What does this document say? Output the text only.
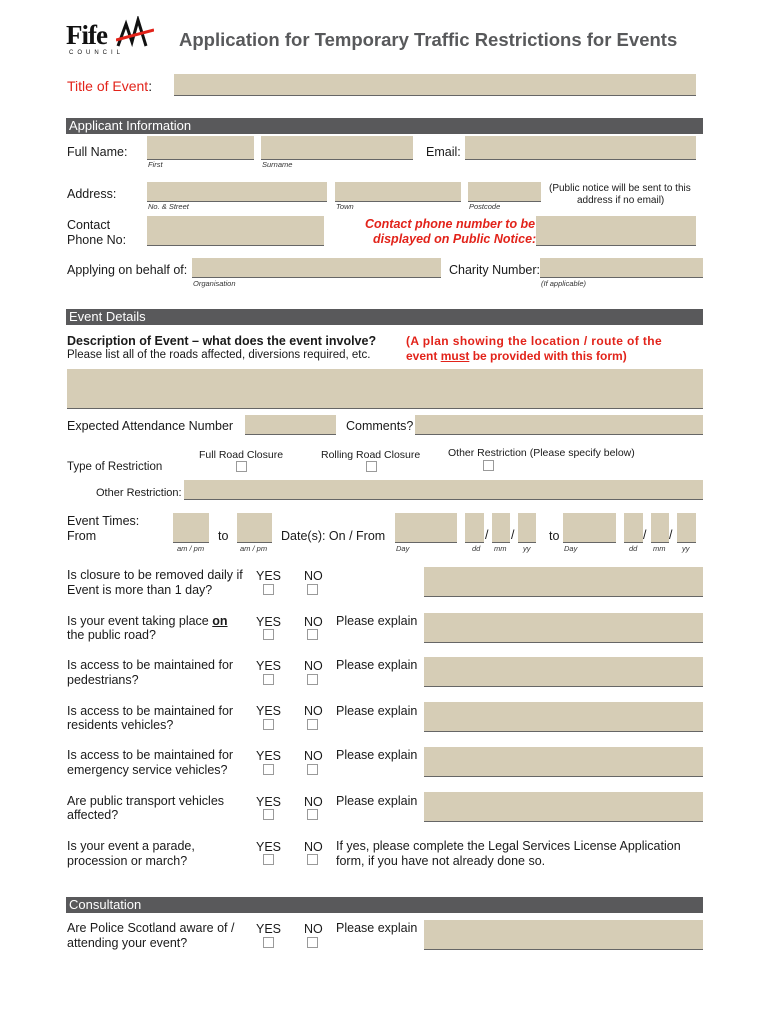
Fife
COUNCIL
Application for Temporary Traffic Restrictions for Events
Title of Event:
Applicant Information
Full Name:
First	Surname
Email:
Address:
No. & Street	Town	Postcode
(Public notice will be sent to this
address if no email)
Contact
Phone No:
Contact phone number to be
displayed on Public Notice:
Applying on behalf of:
Organisation
Charity Number:
(If applicable)
Event Details
Description of Event – what does the event involve?
Please list all of the roads affected, diversions required, etc.
(A plan showing the location / route of the
event must be provided with this form)
Expected Attendance Number	Comments?
Type of Restriction
Full Road Closure	Rolling Road Closure	Other Restriction (Please specify below)
Other Restriction:
Event Times:
From
am / pm
to
am / pm
Date(s): On / From
Day
/ /
dd mm yy
to
Day
/ /
dd mm yy
Is closure to be removed daily if
Event is more than 1 day?
YES NO
Is your event taking place on
the public road?
YES NO Please explain
Is access to be maintained for
pedestrians?
YES NO Please explain
Is access to be maintained for
residents vehicles?
YES NO Please explain
Is access to be maintained for
emergency service vehicles?
YES NO Please explain
Are public transport vehicles
affected?
YES NO Please explain
Is your event a parade,
procession or march?
YES NO If yes, please complete the Legal Services License Application
form, if you have not already done so.
Consultation
Are Police Scotland aware of /
attending your event?
YES NO Please explain
